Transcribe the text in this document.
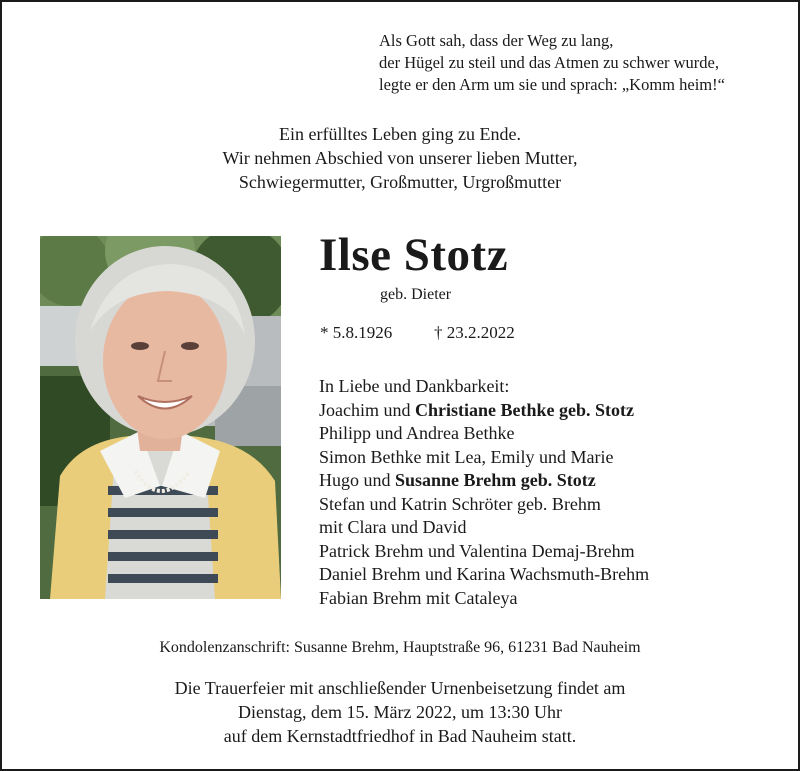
Als Gott sah, dass der Weg zu lang,
der Hügel zu steil und das Atmen zu schwer wurde,
legte er den Arm um sie und sprach: „Komm heim!“
Ein erfülltes Leben ging zu Ende.
Wir nehmen Abschied von unserer lieben Mutter,
Schwiegermutter, Großmutter, Urgroßmutter
Ilse Stotz
geb. Dieter
* 5.8.1926 † 23.2.2022
In Liebe und Dankbarkeit:
Joachim und Christiane Bethke geb. Stotz
Philipp und Andrea Bethke
Simon Bethke mit Lea, Emily und Marie
Hugo und Susanne Brehm geb. Stotz
Stefan und Katrin Schröter geb. Brehm
mit Clara und David
Patrick Brehm und Valentina Demaj-Brehm
Daniel Brehm und Karina Wachsmuth-Brehm
Fabian Brehm mit Cataleya
Kondolenzanschrift: Susanne Brehm, Hauptstraße 96, 61231 Bad Nauheim
Die Trauerfeier mit anschließender Urnenbeisetzung findet am
Dienstag, dem 15. März 2022, um 13:30 Uhr
auf dem Kernstadtfriedhof in Bad Nauheim statt.
